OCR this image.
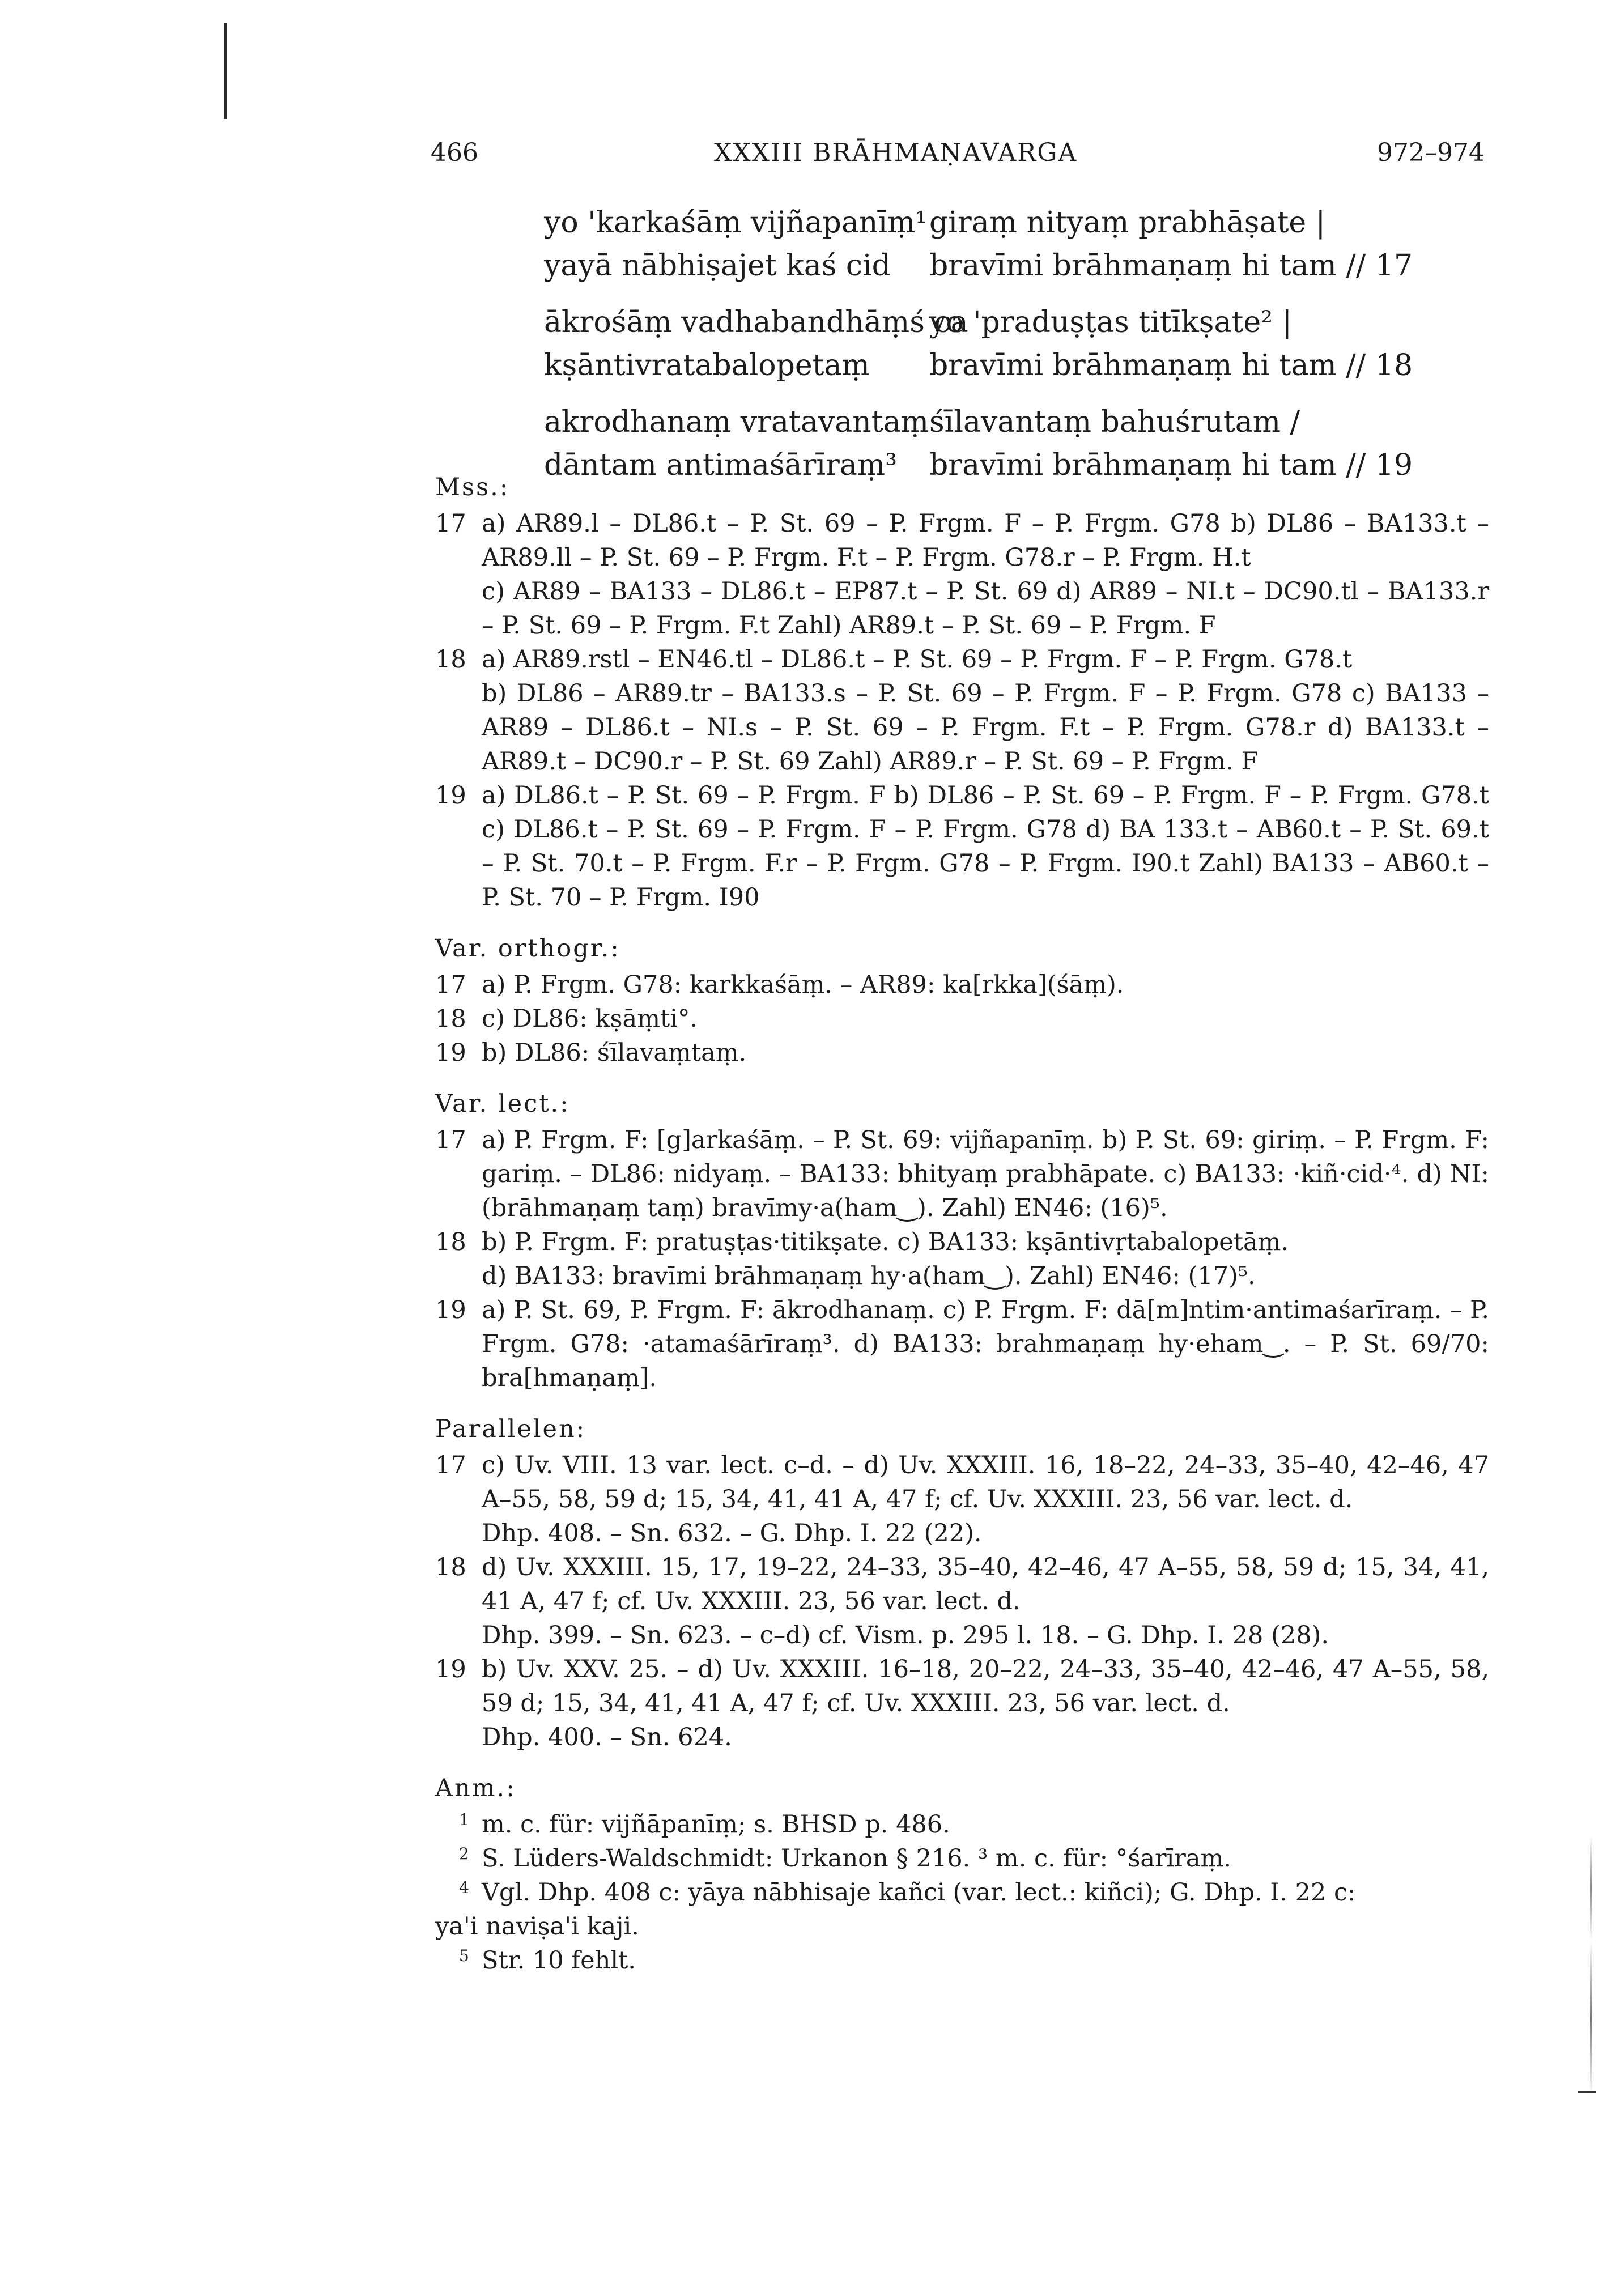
466	XXXIII BRĀHMAṆAVARGA	972–974
yo 'karkaśāṃ vijñapanīṃ¹ giraṃ nityaṃ prabhāṣate |
yayā nābhiṣajet kaś cid bravīmi brāhmaṇaṃ hi tam // 17
ākrośāṃ vadhabandhāṃś ca
yo 'praduṣṭas titīkṣate² |
kṣāntivratabalopetaṃ bravīmi brāhmaṇaṃ hi tam // 18
akrodhanaṃ vratavantaṃ śīlavantaṃ bahuśrutam /
dāntam antimaśārīraṃ³ bravīmi brāhmaṇaṃ hi tam // 19
Mss.:
17 a) AR89.l – DL86.t – P. St. 69 – P. Frgm. F – P. Frgm. G78 b) DL86 – BA133.t – AR89.ll – P. St. 69 – P. Frgm. F.t – P. Frgm. G78.r – P. Frgm. H.t

c) AR89 – BA133 – DL86.t – EP87.t – P. St. 69 d) AR89 – NI.t – DC90.tl – BA133.r – P. St. 69 – P. Frgm. F.t Zahl) AR89.t – P. St. 69 – P. Frgm. F

18 a) AR89.rstl – EN46.tl – DL86.t – P. St. 69 – P. Frgm. F – P. Frgm. G78.t

b) DL86 – AR89.tr – BA133.s – P. St. 69 – P. Frgm. F – P. Frgm. G78 c) BA133 – AR89 – DL86.t – NI.s – P. St. 69 – P. Frgm. F.t – P. Frgm. G78.r d) BA133.t – AR89.t – DC90.r – P. St. 69 Zahl) AR89.r – P. St. 69 – P. Frgm. F

19 a) DL86.t – P. St. 69 – P. Frgm. F b) DL86 – P. St. 69 – P. Frgm. F – P. Frgm. G78.t c) DL86.t – P. St. 69 – P. Frgm. F – P. Frgm. G78 d) BA 133.t – AB60.t – P. St. 69.t – P. St. 70.t – P. Frgm. F.r – P. Frgm. G78 – P. Frgm. I90.t Zahl) BA133 – AB60.t – P. St. 70 – P. Frgm. I90

Var. orthogr.:
17 a) P. Frgm. G78: karkkaśāṃ. – AR89: ka[rkka](śāṃ).

18 c) DL86: kṣāṃti°.

19 b) DL86: śīlavaṃtaṃ.

Var. lect.:
17 a) P. Frgm. F: [g]arkaśāṃ. – P. St. 69: vijñapanīṃ. b) P. St. 69: giriṃ. – P. Frgm. F: gariṃ. – DL86: nidyaṃ. – BA133: bhityaṃ prabhāpate. c) BA133: ·kiñ·cid·⁴. d) NI: (brāhmaṇaṃ taṃ) bravīmy·a(ham‿). Zahl) EN46: (16)⁵.

18 b) P. Frgm. F: pratuṣṭas·titikṣate. c) BA133: kṣāntivṛtabalopetāṃ.

d) BA133: bravīmi brāhmaṇaṃ hy·a(ham‿). Zahl) EN46: (17)⁵.

19 a) P. St. 69, P. Frgm. F: ākrodhanaṃ. c) P. Frgm. F: dā[m]ntim·antimaśarīraṃ. – P. Frgm. G78: ·atamaśārīraṃ³. d) BA133: brahmaṇaṃ hy·eham‿. – P. St. 69/70: bra[hmaṇaṃ].

Parallelen:
17 c) Uv. VIII. 13 var. lect. c–d. – d) Uv. XXXIII. 16, 18–22, 24–33, 35–40, 42–46, 47 A–55, 58, 59 d; 15, 34, 41, 41 A, 47 f; cf. Uv. XXXIII. 23, 56 var. lect. d.

Dhp. 408. – Sn. 632. – G. Dhp. I. 22 (22).

18 d) Uv. XXXIII. 15, 17, 19–22, 24–33, 35–40, 42–46, 47 A–55, 58, 59 d; 15, 34, 41, 41 A, 47 f; cf. Uv. XXXIII. 23, 56 var. lect. d.

Dhp. 399. – Sn. 623. – c–d) cf. Vism. p. 295 l. 18. – G. Dhp. I. 28 (28).

19 b) Uv. XXV. 25. – d) Uv. XXXIII. 16–18, 20–22, 24–33, 35–40, 42–46, 47 A–55, 58, 59 d; 15, 34, 41, 41 A, 47 f; cf. Uv. XXXIII. 23, 56 var. lect. d.

Dhp. 400. – Sn. 624.

Anm.:
1 m. c. für: vijñāpanīṃ; s. BHSD p. 486.
2 S. Lüders-Waldschmidt: Urkanon § 216. ³ m. c. für: °śarīraṃ.
4 Vgl. Dhp. 408 c: yāya nābhisaje kañci (var. lect.: kiñci); G. Dhp. I. 22 c:

ya'i naviṣa'i kaji.

5 Str. 10 fehlt.
